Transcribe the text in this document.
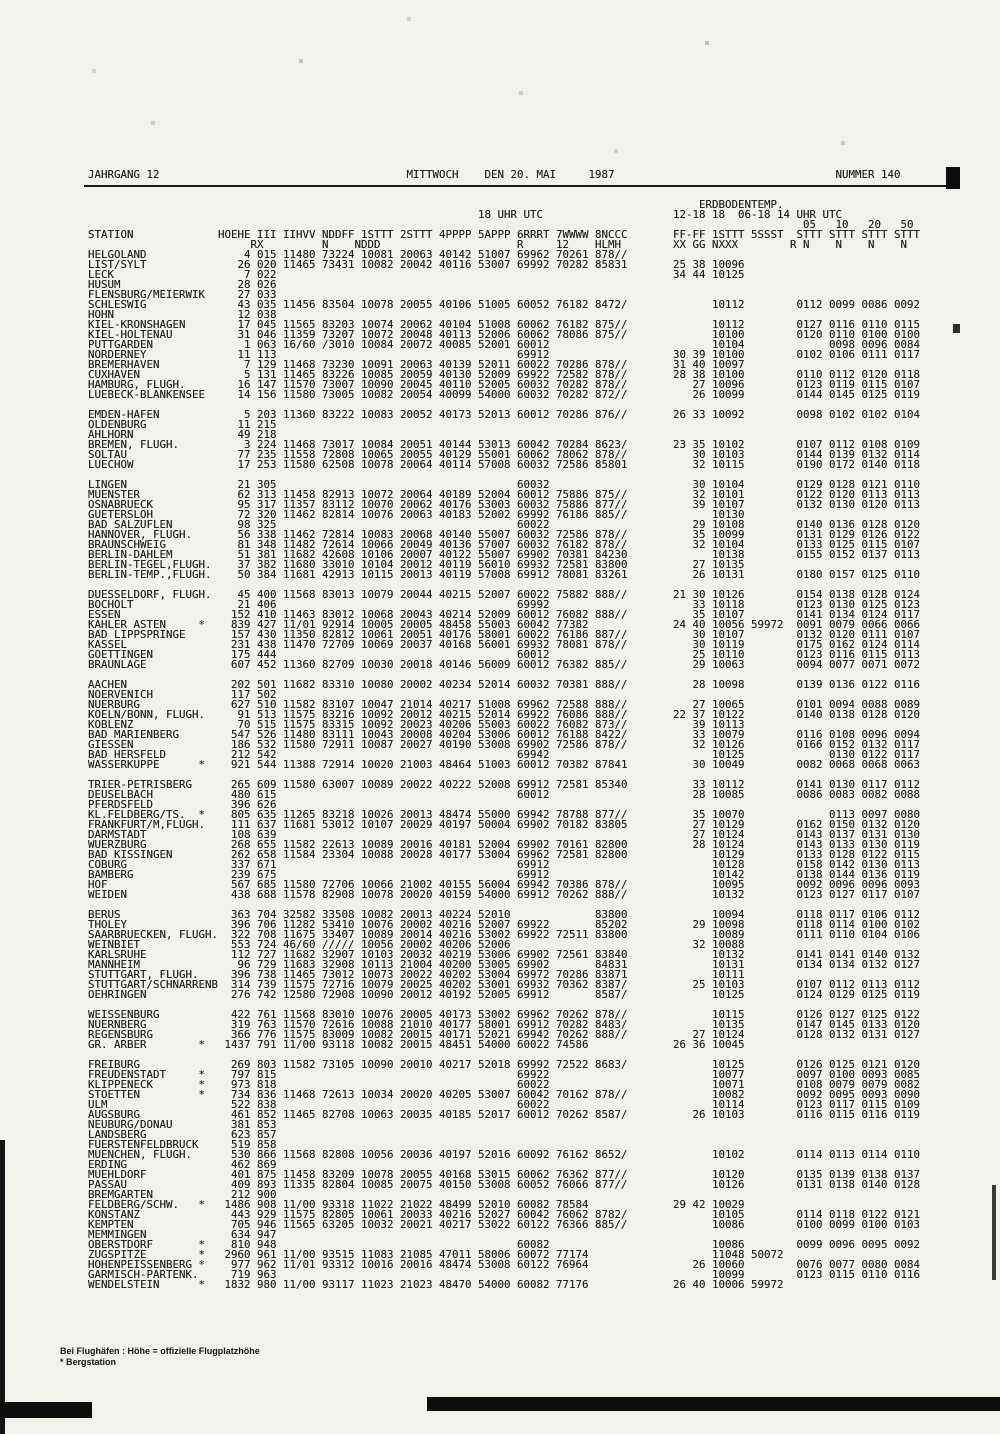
JAHRGANG 12                                      MITTWOCH    DEN 20. MAI     1987                                  NUMMER 140

ERDBODENTEMP.
18 UHR UTC                    12-18 18  06-18 14 UHR UTC
05   10   20   50
STATION             HOEHE III IIHVV NDDFF 1STTT 2STTT 4PPPP 5APPP 6RRRT 7WWWW 8NCCC       FF-FF 1STTT 5SSST  STTT STTT STTT STTT
RX         N    NDDD                     R     12    HLMH        XX GG NXXX        R N    N    N    N
HELGOLAND               4 015 11480 73224 10081 20063 40142 51007 69962 70261 878//
LIST/SYLT              26 020 11465 73431 10082 20042 40116 53007 69992 70282 85831       25 38 10096
LECK                    7 022                                                             34 44 10125
HUSUM                  28 026
FLENSBURG/MEIERWIK     27 033
SCHLESWIG              43 035 11456 83504 10078 20055 40106 51005 60052 76182 8472/             10112        0112 0099 0086 0092
HOHN                   12 038
KIEL-KRONSHAGEN        17 045 11565 83203 10074 20062 40104 51008 60062 76182 875//             10112        0127 0116 0110 0115
KIEL-HOLTENAU          31 046 11359 73207 10072 20048 40113 52006 60062 78086 875//             10100        0120 0110 0100 0100
PUTTGARDEN              1 063 16/60 /3010 10084 20072 40085 52001 60012                         10104             0098 0096 0084
NORDERNEY              11 113                                     69912                   30 39 10100        0102 0106 0111 0117
BREMERHAVEN             7 129 11468 73230 10091 20063 40139 52011 60022 70286 878//       31 40 10097
CUXHAVEN                5 131 11465 83226 10085 20059 40130 52009 69922 72582 878//       28 38 10100        0110 0112 0120 0118
HAMBURG, FLUGH.        16 147 11570 73007 10090 20045 40110 52005 60032 70282 878//          27 10096        0123 0119 0115 0107
LUEBECK-BLANKENSEE     14 156 11580 73005 10082 20054 40099 54000 60032 70282 872//          26 10099        0144 0145 0125 0119

EMDEN-HAFEN             5 203 11360 83222 10083 20052 40173 52013 60012 70286 876//       26 33 10092        0098 0102 0102 0104
OLDENBURG              11 215
AHLHORN                49 218
BREMEN, FLUGH.          3 224 11468 73017 10084 20051 40144 53013 60042 70284 8623/       23 35 10102        0107 0112 0108 0109
SOLTAU                 77 235 11558 72808 10065 20055 40129 55001 60062 78062 878//          30 10103        0144 0139 0132 0114
LUECHOW                17 253 11580 62508 10078 20064 40114 57008 60032 72586 85801          32 10115        0190 0172 0140 0118

LINGEN                 21 305                                     60032                      30 10104        0129 0128 0121 0110
MUENSTER               62 313 11458 82913 10072 20064 40189 52004 60012 75886 875//          32 10101        0122 0120 0113 0113
OSNABRUECK             95 317 11357 83112 10070 20062 40176 53003 60032 75886 877//          39 10107        0132 0130 0120 0113
GUETERSLOH             72 320 11462 82814 10076 20063 40183 52002 69992 76186 885//             10130
BAD SALZUFLEN          98 325                                     60022                      29 10108        0140 0136 0128 0120
HANNOVER, FLUGH.       56 338 11462 72814 10083 20068 40140 55007 60032 72586 878//          35 10099        0131 0129 0126 0122
BRAUNSCHWEIG           81 348 11482 72614 10066 20049 40136 57007 60032 76182 878//          32 10104        0133 0125 0115 0107
BERLIN-DAHLEM          51 381 11682 42608 10106 20007 40122 55007 69902 70381 84230             10138        0155 0152 0137 0113
BERLIN-TEGEL,FLUGH.    37 382 11680 33010 10104 20012 40119 56010 69932 72581 83800          27 10135
BERLIN-TEMP.,FLUGH.    50 384 11681 42913 10115 20013 40119 57008 69912 78081 83261          26 10131        0180 0157 0125 0110

DUESSELDORF, FLUGH.    45 400 11568 83013 10079 20044 40215 52007 60022 75882 888//       21 30 10126        0154 0138 0128 0124
BOCHOLT                21 406                                     69992                      33 10118        0123 0130 0125 0123
ESSEN                 152 410 11463 83012 10068 20043 40214 52009 60012 76082 888//          35 10107        0141 0134 0124 0117
KAHLER ASTEN     *    839 427 11/01 92914 10005 20005 48458 55003 60042 77382             24 40 10056 59972  0091 0079 0066 0066
BAD LIPPSPRINGE       157 430 11350 82812 10061 20051 40176 58001 60022 76186 887//          30 10107        0132 0120 0111 0107
KASSEL                231 438 11470 72709 10069 20037 40168 56001 69932 78081 878//          30 10119        0175 0162 0124 0114
GOETTINGEN            175 444                                     60012                      25 10110        0123 0116 0115 0113
BRAUNLAGE             607 452 11360 82709 10030 20018 40146 56009 60012 76382 885//          29 10063        0094 0077 0071 0072

AACHEN                202 501 11682 83310 10080 20002 40234 52014 60032 70381 888//          28 10098        0139 0136 0122 0116
NOERVENICH            117 502
NUERBURG              627 510 11582 83107 10047 21014 40217 51008 69962 72588 888//          27 10065        0101 0094 0088 0089
KOELN/BONN, FLUGH.     91 513 11575 83216 10092 20012 40215 52014 69922 76086 888//       22 37 10122        0140 0138 0128 0120
KOBLENZ                70 515 11575 83315 10092 20023 40206 55003 60022 76082 873//          39 10113
BAD MARIENBERG        547 526 11480 83111 10043 20008 40204 53006 60012 76188 8422/          33 10079        0116 0108 0096 0094
GIESSEN               186 532 11580 72911 10087 20027 40190 53008 69902 72586 878//          32 10126        0166 0152 0132 0117
BAD HERSFELD          212 542                                     69942                         10125             0130 0122 0117
WASSERKUPPE      *    921 544 11388 72914 10020 21003 48464 51003 60012 70382 87841          30 10049        0082 0068 0068 0063

TRIER-PETRISBERG      265 609 11580 63007 10089 20022 40222 52008 69912 72581 85340          33 10112        0141 0130 0117 0112
DEUSELBACH            480 615                                     60012                      28 10085        0086 0083 0082 0088
PFERDSFELD            396 626
KL.FELDBERG/TS.  *    805 635 11265 83218 10026 20013 48474 55000 69942 78788 877//          35 10070             0113 0097 0080
FRANKFURT/M,FLUGH.    111 637 11681 53012 10107 20029 40197 50004 69902 70182 83805          27 10129        0162 0150 0132 0120
DARMSTADT             108 639                                                                27 10124        0143 0137 0131 0130
WUERZBURG             268 655 11582 22613 10089 20016 40181 52004 69902 70161 82800          28 10124        0143 0133 0130 0119
BAD KISSINGEN         262 658 11584 23304 10088 20028 40177 53004 69962 72581 82800             10129        0133 0128 0122 0115
COBURG                337 671                                     69912                         10128        0158 0142 0130 0113
BAMBERG               239 675                                     69912                         10142        0138 0144 0136 0119
HOF                   567 685 11580 72706 10066 21002 40155 56004 69942 70386 878//             10095        0092 0096 0096 0093
WEIDEN                438 688 11578 82908 10078 20020 40159 54000 69912 70262 888//             10132        0123 0127 0117 0107

BERUS                 363 704 32582 33508 10082 20013 40224 52010             83800             10094        0118 0117 0106 0112
THOLEY                396 706 11282 53410 10076 20002 40216 52007 69922       85202          29 10098        0118 0114 0100 0102
SAARBRUECKEN, FLUGH.  322 708 11675 33407 10089 20014 40216 53002 69922 72511 83800             10089        0111 0110 0104 0106
WEINBIET              553 724 46/60 ///// 10056 20002 40206 52006                            32 10088
KARLSRUHE             112 727 11682 32907 10103 20032 40219 53006 69902 72561 83840             10132        0141 0141 0140 0132
MANNHEIM               96 729 11683 32908 10113 21004 40200 53005 69902       84831             10131        0134 0134 0132 0127
STUTTGART, FLUGH.     396 738 11465 73012 10073 20022 40202 53004 69972 70286 83871             10111
STUTTGART/SCHNARRENB  314 739 11575 72716 10079 20025 40202 53001 69932 70362 8387/          25 10103        0107 0112 0113 0112
OEHRINGEN             276 742 12580 72908 10090 20012 40192 52005 69912       8587/             10125        0124 0129 0125 0119

WEISSENBURG           422 761 11568 83010 10076 20005 40173 53002 69962 70262 878//             10115        0126 0127 0125 0122
NUERNBERG             319 763 11570 72616 10088 21010 40177 58001 69912 70282 8483/             10135        0147 0145 0133 0120
REGENSBURG            366 776 11575 83009 10082 20015 40171 52021 69942 70262 888//          27 10124        0128 0132 0131 0127
GR. ARBER        *   1437 791 11/00 93118 10082 20015 48451 54000 60022 74586             26 36 10045

FREIBURG              269 803 11582 73105 10090 20010 40217 52018 69992 72522 8683/             10125        0126 0125 0121 0120
FREUDENSTADT     *    797 815                                     69922                         10077        0097 0100 0093 0085
KLIPPENECK       *    973 818                                     60022                         10071        0108 0079 0079 0082
STOETTEN         *    734 836 11468 72613 10034 20020 40205 53007 60042 70162 878//             10082        0092 0095 0093 0090
ULM                   522 838                                     60022                         10114        0123 0117 0115 0109
AUGSBURG              461 852 11465 82708 10063 20035 40185 52017 60012 70262 8587/          26 10103        0116 0115 0116 0119
NEUBURG/DONAU         381 853
LANDSBERG             623 857
FUERSTENFELDBRUCK     519 858
MUENCHEN, FLUGH.      530 866 11568 82808 10056 20036 40197 52016 60092 76162 8652/             10102        0114 0113 0114 0110
ERDING                462 869
MUEHLDORF             401 875 11458 83209 10078 20055 40168 53015 60062 76362 877//             10120        0135 0139 0138 0137
PASSAU                409 893 11335 82804 10085 20075 40150 53008 60052 76066 877//             10126        0131 0138 0140 0128
BREMGARTEN            212 900
FELDBERG/SCHW.   *   1486 908 11/00 93318 11022 21022 48499 52010 60082 78584             29 42 10029
KONSTANZ              443 929 11575 82805 10061 20033 40216 52027 60042 76062 8782/             10105        0114 0118 0122 0121
KEMPTEN               705 946 11565 63205 10032 20021 40217 53022 60122 76366 885//             10086        0100 0099 0100 0103
MEMMINGEN             634 947
OBERSTDORF       *    810 948                                     60082                         10086        0099 0096 0095 0092
ZUGSPITZE        *   2960 961 11/00 93515 11083 21085 47011 58006 60072 77174                   11048 50072
HOHENPEISSENBERG *    977 962 11/01 93312 10016 20016 48474 53008 60122 76964                26 10060        0076 0077 0080 0084
GARMISCH-PARTENK.     719 963                                                                   10099        0123 0115 0110 0116
WENDELSTEIN      *   1832 980 11/00 93117 11023 21023 48470 54000 60082 77176             26 40 10006 59972
Bei Flughäfen : Höhe = offizielle Flugplatzhöhe
* Bergstation
